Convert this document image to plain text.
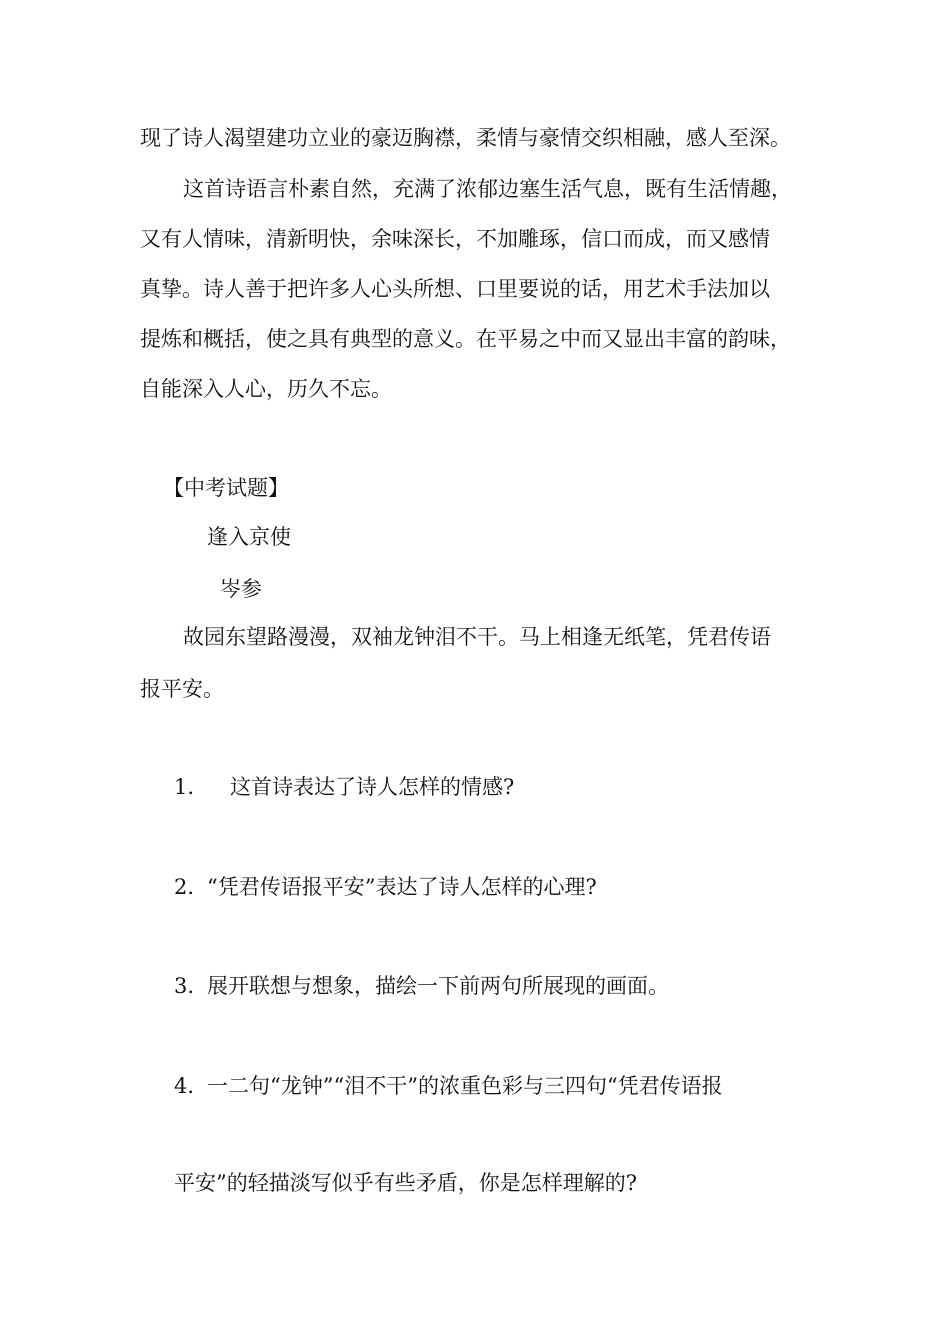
现了诗人渴望建功立业的豪迈胸襟，柔情与豪情交织相融，感人至深。
这首诗语言朴素自然，充满了浓郁边塞生活气息，既有生活情趣，
又有人情味，清新明快，余味深长，不加雕琢，信口而成，而又感情
真挚。诗人善于把许多人心头所想、口里要说的话，用艺术手法加以
提炼和概括，使之具有典型的意义。在平易之中而又显出丰富的韵味，
自能深入人心，历久不忘。
【中考试题】
逢入京使
岑参
故园东望路漫漫，双袖龙钟泪不干。马上相逢无纸笔，凭君传语
报平安。
1. 这首诗表达了诗人怎样的情感?
2. “凭君传语报平安”表达了诗人怎样的心理?
3. 展开联想与想象，描绘一下前两句所展现的画面。
4. 一二句“龙钟”“泪不干”的浓重色彩与三四句“凭君传语报
平安”的轻描淡写似乎有些矛盾，你是怎样理解的?
